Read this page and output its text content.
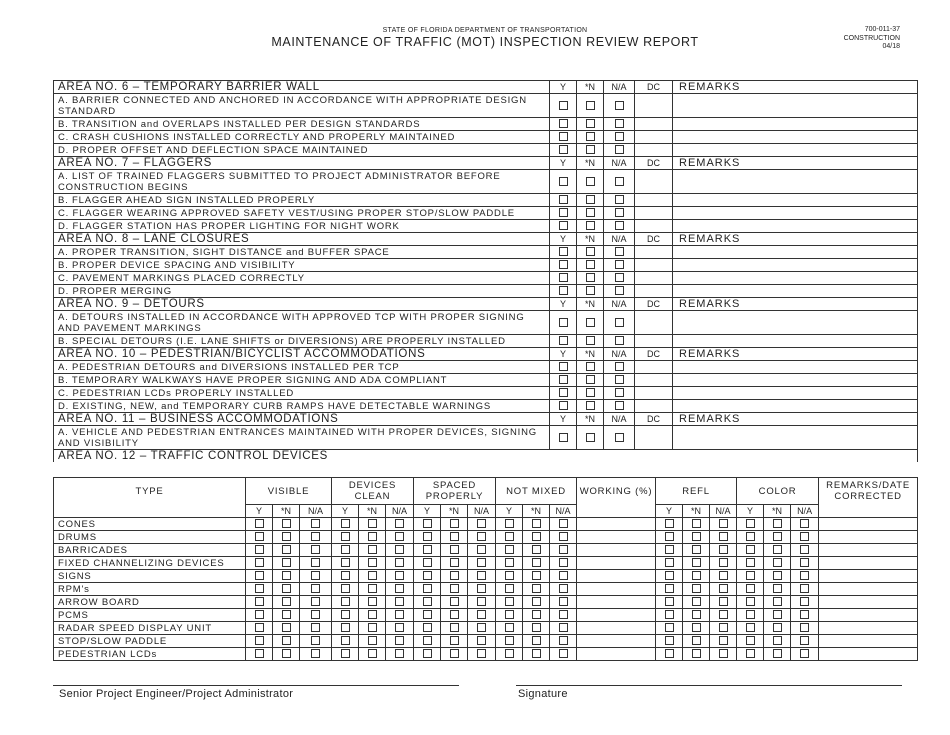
STATE OF FLORIDA DEPARTMENT OF TRANSPORTATION
MAINTENANCE OF TRAFFIC (MOT) INSPECTION REVIEW REPORT
700-011-37
CONSTRUCTION
04/18
AREA NO. 6 – TEMPORARY BARRIER WALL	Y	*N	N/A	DC	REMARKS
A. BARRIER CONNECTED AND ANCHORED IN ACCORDANCE WITH APPROPRIATE DESIGN STANDARD					
B. TRANSITION and OVERLAPS INSTALLED PER DESIGN STANDARDS					
C. CRASH CUSHIONS INSTALLED CORRECTLY AND PROPERLY MAINTAINED					
D. PROPER OFFSET AND DEFLECTION SPACE MAINTAINED					
AREA NO. 7 – FLAGGERS	Y	*N	N/A	DC	REMARKS
A. LIST OF TRAINED FLAGGERS SUBMITTED TO PROJECT ADMINISTRATOR BEFORE CONSTRUCTION BEGINS					
B. FLAGGER AHEAD SIGN INSTALLED PROPERLY					
C. FLAGGER WEARING APPROVED SAFETY VEST/USING PROPER STOP/SLOW PADDLE					
D. FLAGGER STATION HAS PROPER LIGHTING FOR NIGHT WORK					
AREA NO. 8 – LANE CLOSURES	Y	*N	N/A	DC	REMARKS
A. PROPER TRANSITION, SIGHT DISTANCE and BUFFER SPACE					
B. PROPER DEVICE SPACING AND VISIBILITY					
C. PAVEMENT MARKINGS PLACED CORRECTLY					
D. PROPER MERGING					
AREA NO. 9 – DETOURS	Y	*N	N/A	DC	REMARKS
A. DETOURS INSTALLED IN ACCORDANCE WITH APPROVED TCP WITH PROPER SIGNING AND PAVEMENT MARKINGS					
B. SPECIAL DETOURS (I.E. LANE SHIFTS or DIVERSIONS) ARE PROPERLY INSTALLED					
AREA NO. 10 – PEDESTRIAN/BICYCLIST ACCOMMODATIONS	Y	*N	N/A	DC	REMARKS
A. PEDESTRIAN DETOURS and DIVERSIONS INSTALLED PER TCP					
B. TEMPORARY WALKWAYS HAVE PROPER SIGNING AND ADA COMPLIANT					
C. PEDESTRIAN LCDs PROPERLY INSTALLED					
D. EXISTING, NEW, and TEMPORARY CURB RAMPS HAVE DETECTABLE WARNINGS					
AREA NO. 11 – BUSINESS ACCOMMODATIONS	Y	*N	N/A	DC	REMARKS
A. VEHICLE AND PEDESTRIAN ENTRANCES MAINTAINED WITH PROPER DEVICES, SIGNING AND VISIBILITY					
AREA NO. 12 – TRAFFIC CONTROL DEVICES					
TYPE	VISIBLE			DEVICES CLEAN			SPACED PROPERLY			NOT MIXED			WORKING (%)	REFL			COLOR			REMARKS/DATE CORRECTED
	Y	*N	N/A	Y	*N	N/A	Y	*N	N/A	Y	*N	N/A		Y	*N	N/A	Y	*N	N/A	
CONES																				
DRUMS																				
BARRICADES																				
FIXED CHANNELIZING DEVICES																				
SIGNS																				
RPM's																				
ARROW BOARD																				
PCMS																				
RADAR SPEED DISPLAY UNIT																				
STOP/SLOW PADDLE																				
PEDESTRIAN LCDs																				
Senior Project Engineer/Project Administrator	Signature
